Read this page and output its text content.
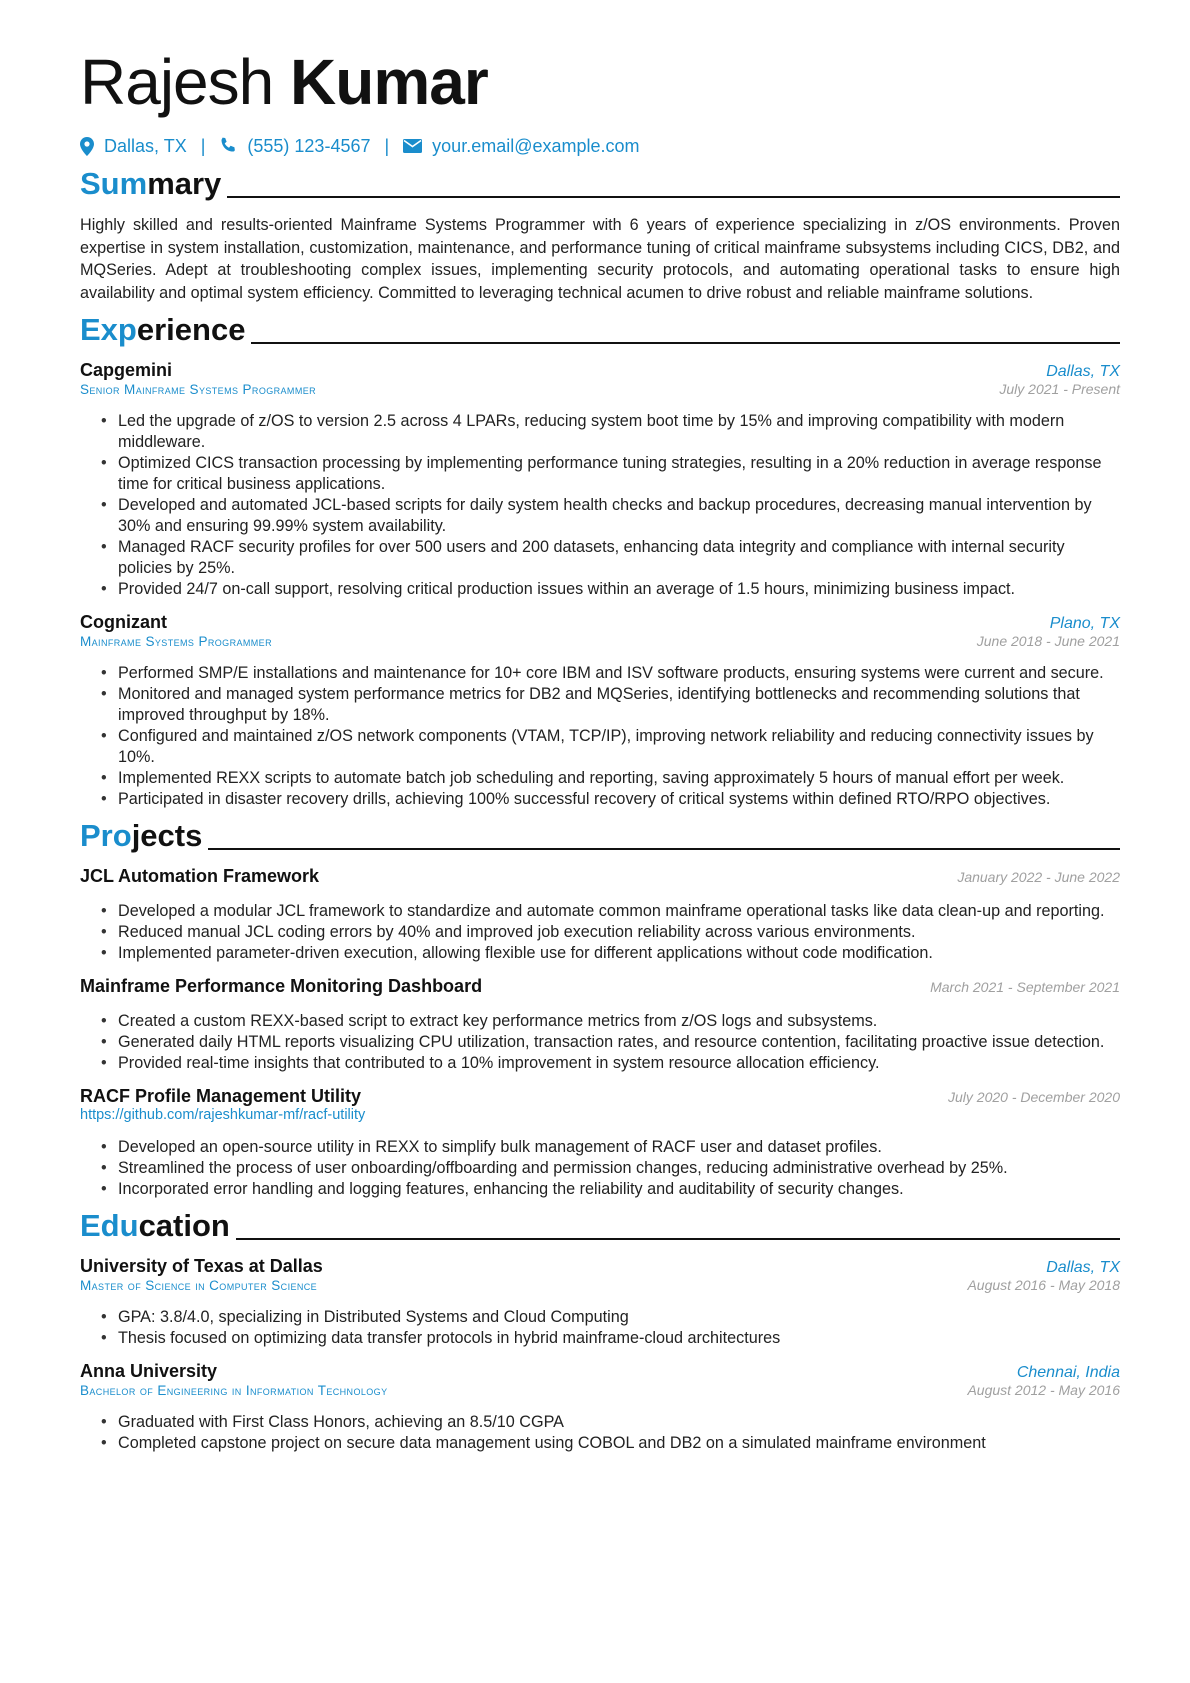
Rajesh Kumar
Dallas, TX | (555) 123-4567 | your.email@example.com
Summary

Highly skilled and results-oriented Mainframe Systems Programmer with 6 years of experience specializing in z/OS environments. Proven expertise in system installation, customization, maintenance, and performance tuning of critical mainframe subsystems including CICS, DB2, and MQSeries. Adept at troubleshooting complex issues, implementing security protocols, and automating operational tasks to ensure high availability and optimal system efficiency. Committed to leveraging technical acumen to drive robust and reliable mainframe solutions.

Experience
Capgemini	Dallas, TX
Senior Mainframe Systems Programmer	July 2021 - Present
• Led the upgrade of z/OS to version 2.5 across 4 LPARs, reducing system boot time by 15% and improving compatibility with modern middleware.
• Optimized CICS transaction processing by implementing performance tuning strategies, resulting in a 20% reduction in average response time for critical business applications.
• Developed and automated JCL-based scripts for daily system health checks and backup procedures, decreasing manual intervention by 30% and ensuring 99.99% system availability.
• Managed RACF security profiles for over 500 users and 200 datasets, enhancing data integrity and compliance with internal security policies by 25%.
• Provided 24/7 on-call support, resolving critical production issues within an average of 1.5 hours, minimizing business impact.
Cognizant	Plano, TX
Mainframe Systems Programmer	June 2018 - June 2021
• Performed SMP/E installations and maintenance for 10+ core IBM and ISV software products, ensuring systems were current and secure.
• Monitored and managed system performance metrics for DB2 and MQSeries, identifying bottlenecks and recommending solutions that improved throughput by 18%.
• Configured and maintained z/OS network components (VTAM, TCP/IP), improving network reliability and reducing connectivity issues by 10%.
• Implemented REXX scripts to automate batch job scheduling and reporting, saving approximately 5 hours of manual effort per week.
• Participated in disaster recovery drills, achieving 100% successful recovery of critical systems within defined RTO/RPO objectives.
Projects
JCL Automation Framework	January 2022 - June 2022
• Developed a modular JCL framework to standardize and automate common mainframe operational tasks like data clean-up and reporting.
• Reduced manual JCL coding errors by 40% and improved job execution reliability across various environments.
• Implemented parameter-driven execution, allowing flexible use for different applications without code modification.
Mainframe Performance Monitoring Dashboard	March 2021 - September 2021
• Created a custom REXX-based script to extract key performance metrics from z/OS logs and subsystems.
• Generated daily HTML reports visualizing CPU utilization, transaction rates, and resource contention, facilitating proactive issue detection.
• Provided real-time insights that contributed to a 10% improvement in system resource allocation efficiency.
RACF Profile Management Utility	July 2020 - December 2020
https://github.com/rajeshkumar-mf/racf-utility
• Developed an open-source utility in REXX to simplify bulk management of RACF user and dataset profiles.
• Streamlined the process of user onboarding/offboarding and permission changes, reducing administrative overhead by 25%.
• Incorporated error handling and logging features, enhancing the reliability and auditability of security changes.
Education
University of Texas at Dallas	Dallas, TX
Master of Science in Computer Science	August 2016 - May 2018
• GPA: 3.8/4.0, specializing in Distributed Systems and Cloud Computing
• Thesis focused on optimizing data transfer protocols in hybrid mainframe-cloud architectures
Anna University	Chennai, India
Bachelor of Engineering in Information Technology	August 2012 - May 2016
• Graduated with First Class Honors, achieving an 8.5/10 CGPA
• Completed capstone project on secure data management using COBOL and DB2 on a simulated mainframe environment
